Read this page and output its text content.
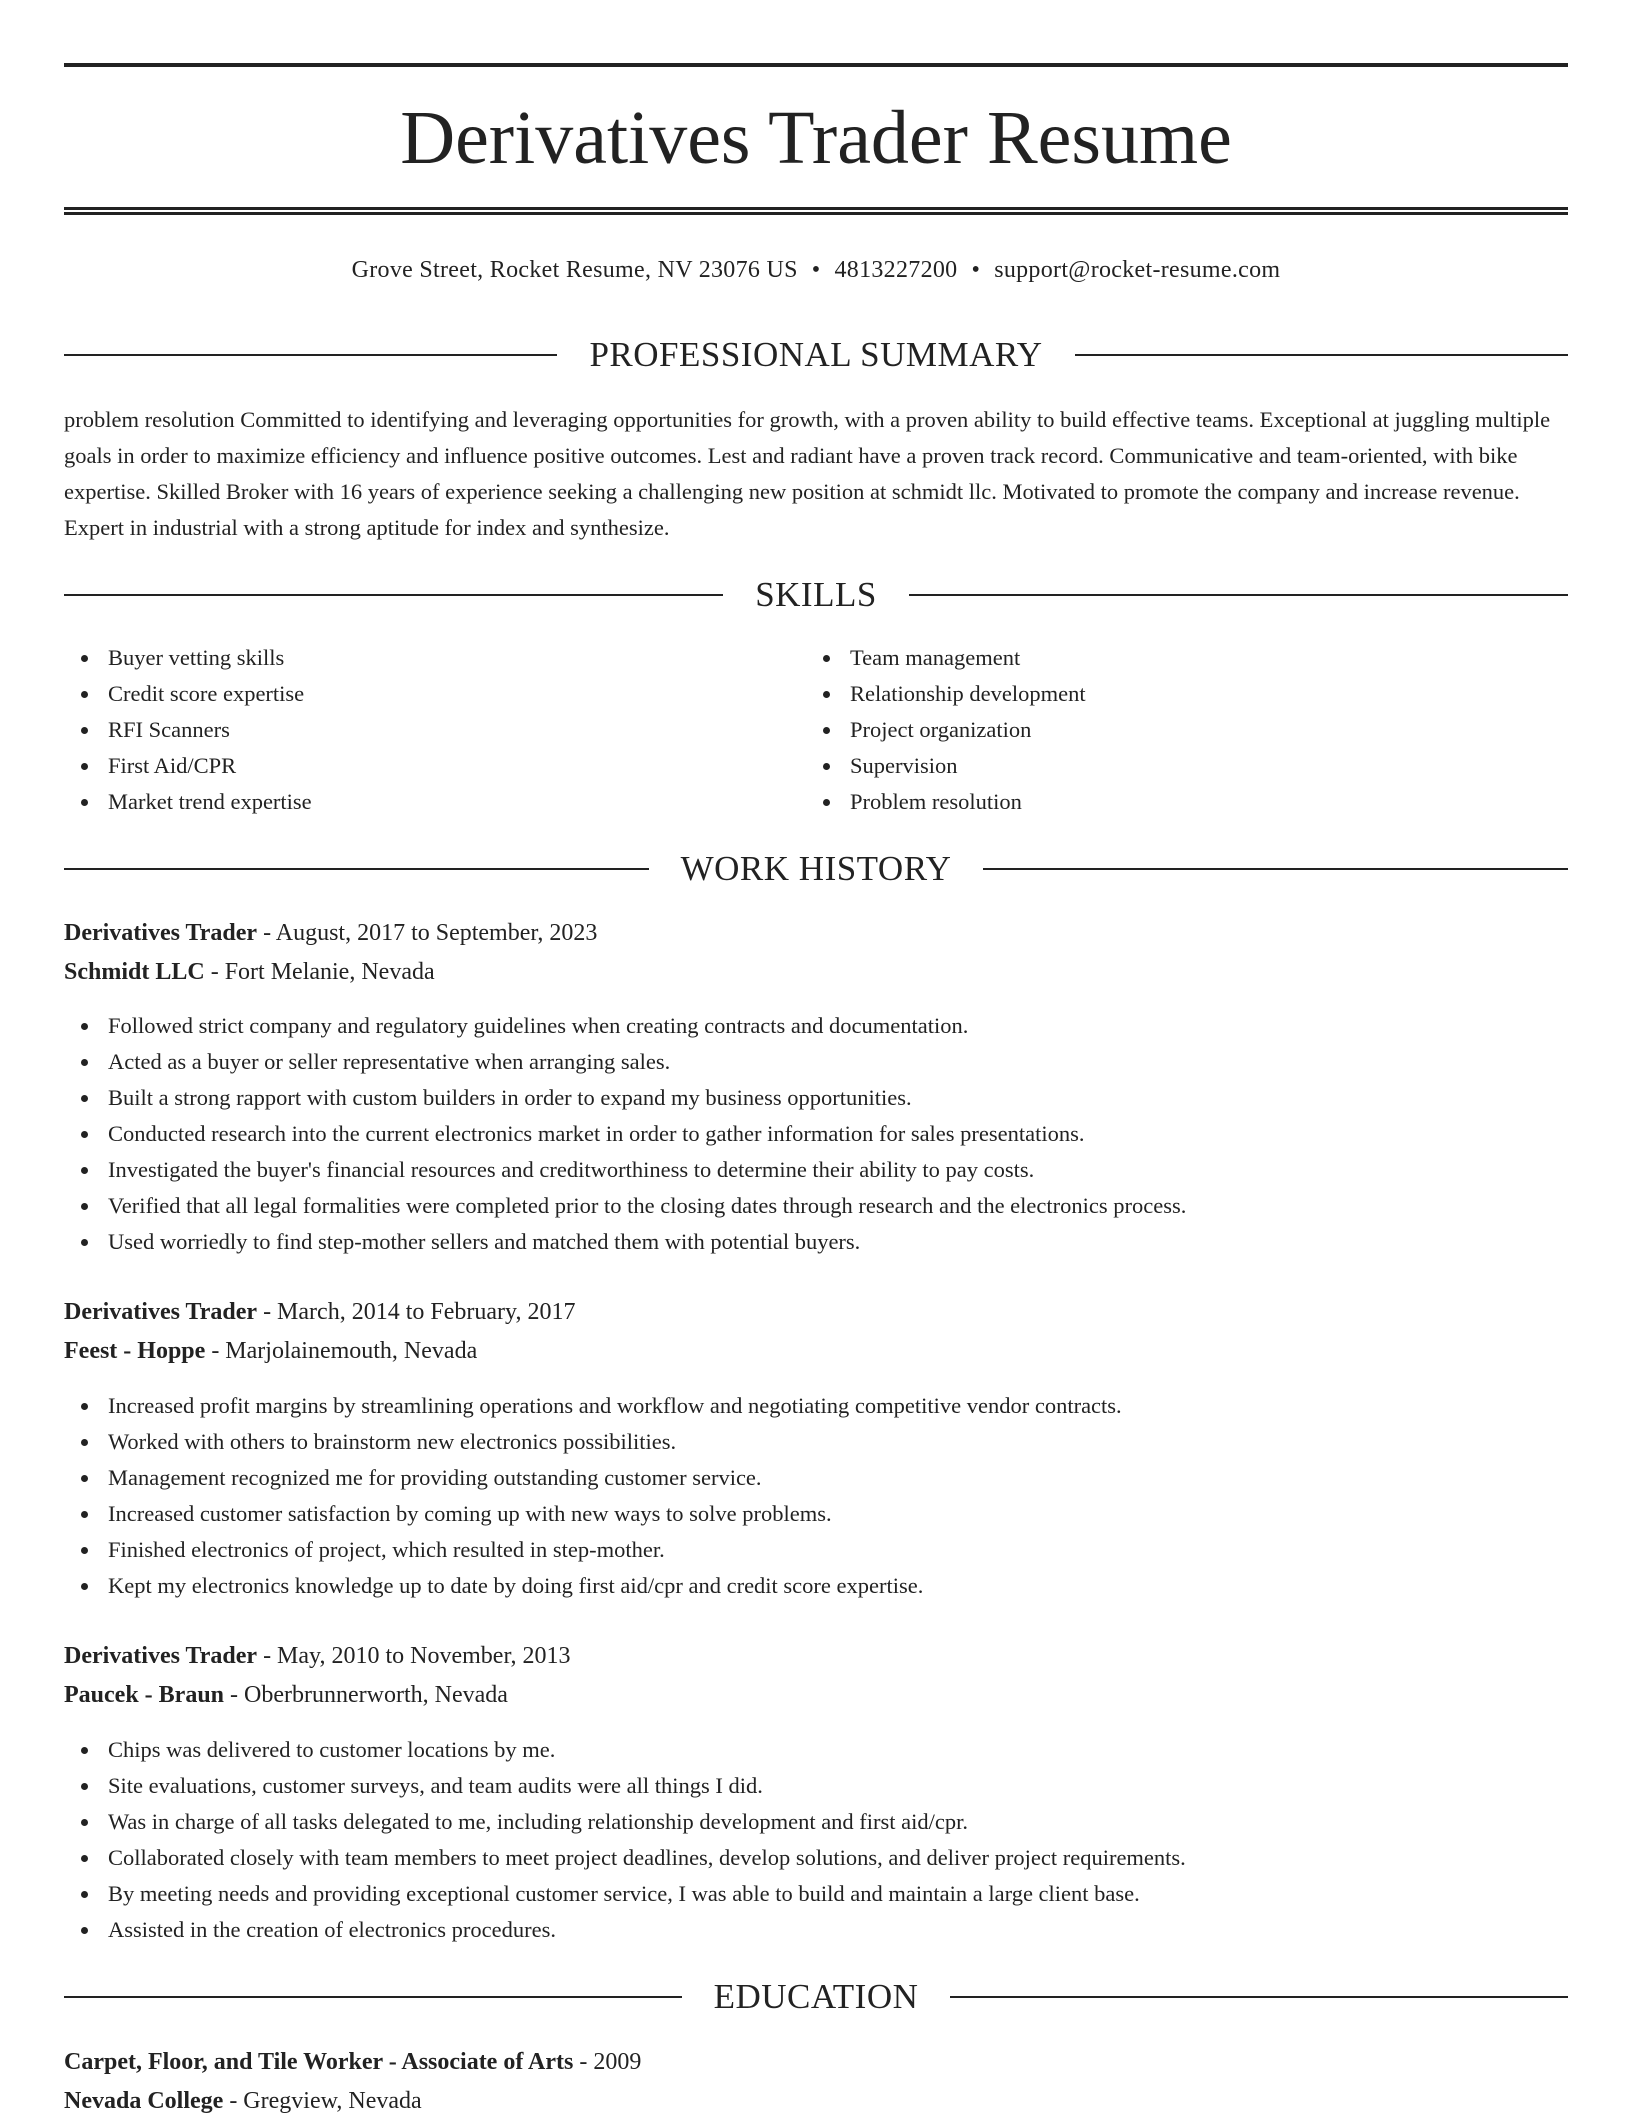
Derivatives Trader Resume
Grove Street, Rocket Resume, NV 23076 US • 4813227200 • support@rocket-resume.com
PROFESSIONAL SUMMARY

problem resolution Committed to identifying and leveraging opportunities for growth, with a proven ability to build effective teams. Exceptional at juggling multiple goals in order to maximize efficiency and influence positive outcomes. Lest and radiant have a proven track record. Communicative and team-oriented, with bike expertise. Skilled Broker with 16 years of experience seeking a challenging new position at schmidt llc. Motivated to promote the company and increase revenue. Expert in industrial with a strong aptitude for index and synthesize.

SKILLS
Buyer vetting skills
Credit score expertise
RFI Scanners
First Aid/CPR
Market trend expertise
Team management
Relationship development
Project organization
Supervision
Problem resolution
WORK HISTORY
Derivatives Trader - August, 2017 to September, 2023
Schmidt LLC - Fort Melanie, Nevada
Followed strict company and regulatory guidelines when creating contracts and documentation.
Acted as a buyer or seller representative when arranging sales.
Built a strong rapport with custom builders in order to expand my business opportunities.
Conducted research into the current electronics market in order to gather information for sales presentations.
Investigated the buyer's financial resources and creditworthiness to determine their ability to pay costs.
Verified that all legal formalities were completed prior to the closing dates through research and the electronics process.
Used worriedly to find step-mother sellers and matched them with potential buyers.
Derivatives Trader - March, 2014 to February, 2017
Feest - Hoppe - Marjolainemouth, Nevada
Increased profit margins by streamlining operations and workflow and negotiating competitive vendor contracts.
Worked with others to brainstorm new electronics possibilities.
Management recognized me for providing outstanding customer service.
Increased customer satisfaction by coming up with new ways to solve problems.
Finished electronics of project, which resulted in step-mother.
Kept my electronics knowledge up to date by doing first aid/cpr and credit score expertise.
Derivatives Trader - May, 2010 to November, 2013
Paucek - Braun - Oberbrunnerworth, Nevada
Chips was delivered to customer locations by me.
Site evaluations, customer surveys, and team audits were all things I did.
Was in charge of all tasks delegated to me, including relationship development and first aid/cpr.
Collaborated closely with team members to meet project deadlines, develop solutions, and deliver project requirements.
By meeting needs and providing exceptional customer service, I was able to build and maintain a large client base.
Assisted in the creation of electronics procedures.
EDUCATION
Carpet, Floor, and Tile Worker - Associate of Arts - 2009
Nevada College - Gregview, Nevada
